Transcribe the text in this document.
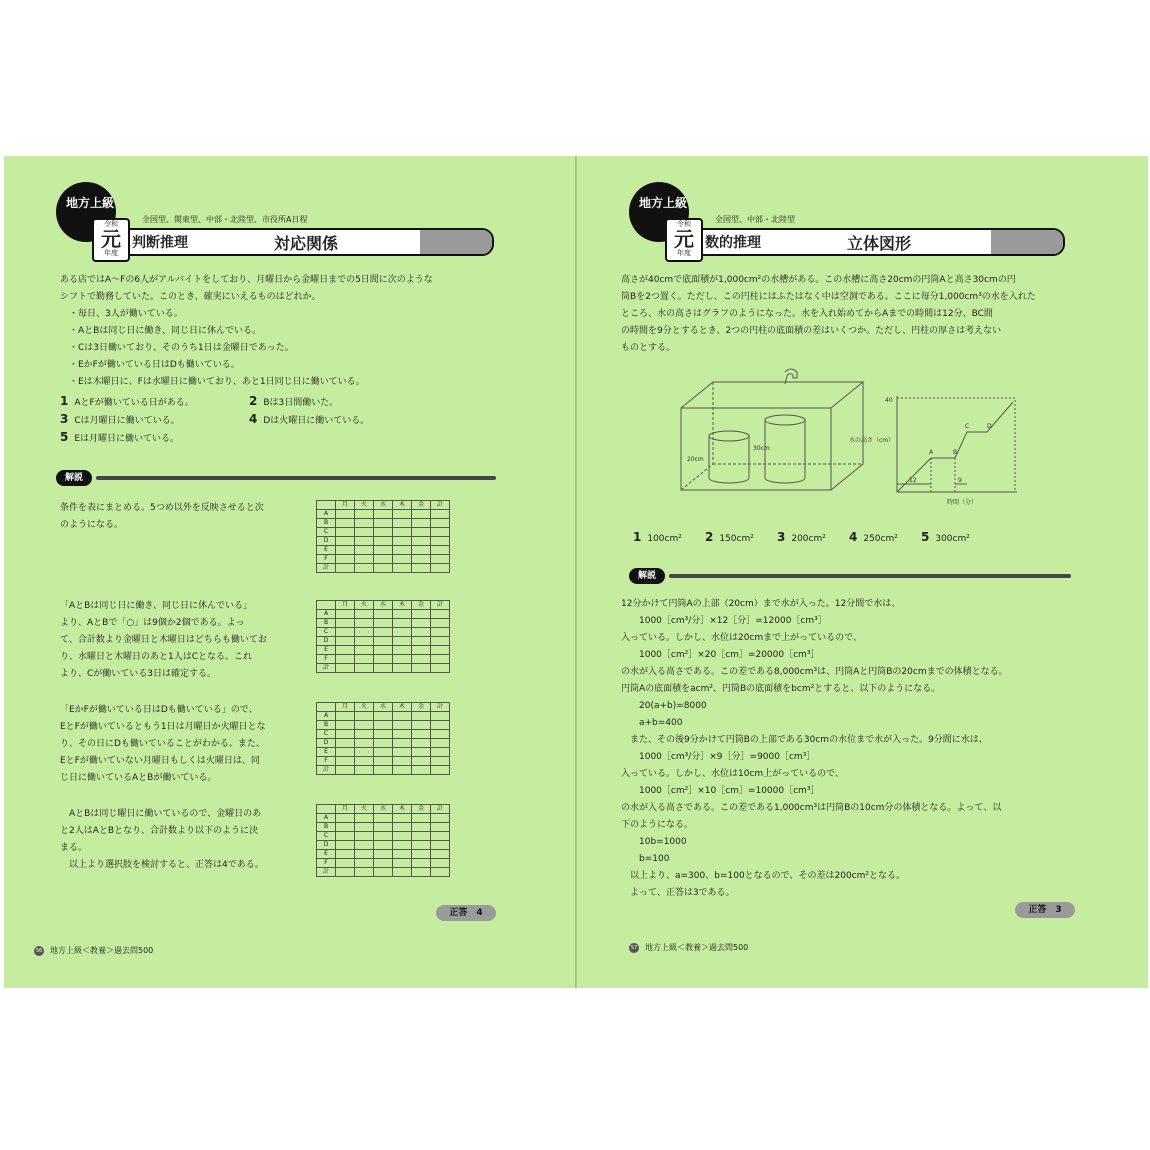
地方上級
全国型、関東型、中部・北陸型、市役所A日程
判断推理	対応関係
令和
元
年度
ある店ではA～Fの6人がアルバイトをしており、月曜日から金曜日までの5日間に次のような
シフトで勤務していた。このとき、確実にいえるものはどれか。
　・毎日、3人が働いている。
　・AとBは同じ日に働き、同じ日に休んでいる。
　・Cは3日働いており、そのうち1日は金曜日であった。
　・EかFが働いている日はDも働いている。
　・Eは木曜日に、Fは水曜日に働いており、あと1日同じ日に働いている。
1 AとFが働いている日がある。	2 Bは3日間働いた。
3 Cは月曜日に働いている。	4 Dは火曜日に働いている。
5 Eは月曜日に働いている。
解説
条件を表にまとめる。5つめ以外を反映させると次
のようになる。
「AとBは同じ日に働き、同じ日に休んでいる」
より、AとBで「○」は9個か2個である。よっ
て、合計数より金曜日と木曜日はどちらも働いてお
り、水曜日と木曜日のあと1人はCとなる。これ
より、Cが働いている3日は確定する。
「EかFが働いている日はDも働いている」ので、
EとFが働いているともう1日は月曜日か火曜日とな
り、その日にDも働いていることがわかる。また、
EとFが働いていない月曜日もしくは火曜日は、同
じ日に働いているAとBが働いている。
　AとBは同じ曜日に働いているので、金曜日のあ
と2人はAとBとなり、合計数より以下のように決
まる。
　以上より選択肢を検討すると、正答は4である。
	月	火	水	木	金	計
A						
B						
C						
D						
E						
F						
計						
	月	火	水	木	金	計
A						
B						
C						
D						
E						
F						
計						
	月	火	水	木	金	計
A						
B						
C						
D						
E						
F						
計						
	月	火	水	木	金	計
A						
B						
C						
D						
E						
F						
計						
正答　4
56 地方上級＜教養＞過去問500
地方上級
全国型、中部・北陸型
数的推理	立体図形
令和
元
年度
高さが40cmで底面積が1,000cm²の水槽がある。この水槽に高さ20cmの円筒Aと高さ30cmの円
筒Bを2つ置く。ただし、この円柱にはふたはなく中は空洞である。ここに毎分1,000cm³の水を入れた
ところ、水の高さはグラフのようになった。水を入れ始めてからAまでの時間は12分、BC間
の時間を9分とするとき、2つの円柱の底面積の差はいくつか。ただし、円柱の厚さは考えない
ものとする。
20cm
30cm
40
水の高さ（cm）
時間（分）
12	9
A	B
C	D
1 100cm² 2 150cm² 3 200cm² 4 250cm² 5 300cm²
解説
12分かけて円筒Aの上部（20cm）まで水が入った。12分間で水は、
　　1000［cm³/分］×12［分］=12000［cm³］
入っている。しかし、水位は20cmまで上がっているので、
　　1000［cm²］×20［cm］=20000［cm³］
の水が入る高さである。この差である8,000cm³は、円筒Aと円筒Bの20cmまでの体積となる。
円筒Aの底面積をacm²、円筒Bの底面積をbcm²とすると、以下のようになる。
　　20(a+b)=8000
　　a+b=400
　また、その後9分かけて円筒Bの上部である30cmの水位まで水が入った。9分間に水は、
　　1000［cm³/分］×9［分］=9000［cm³］
入っている。しかし、水位は10cm上がっているので、
　　1000［cm²］×10［cm］=10000［cm³］
の水が入る高さである。この差である1,000cm³は円筒Bの10cm分の体積となる。よって、以
下のようになる。
　　10b=1000
　　b=100
　以上より、a=300、b=100となるので、その差は200cm²となる。
　よって、正答は3である。
正答　3
57 地方上級＜教養＞過去問500
